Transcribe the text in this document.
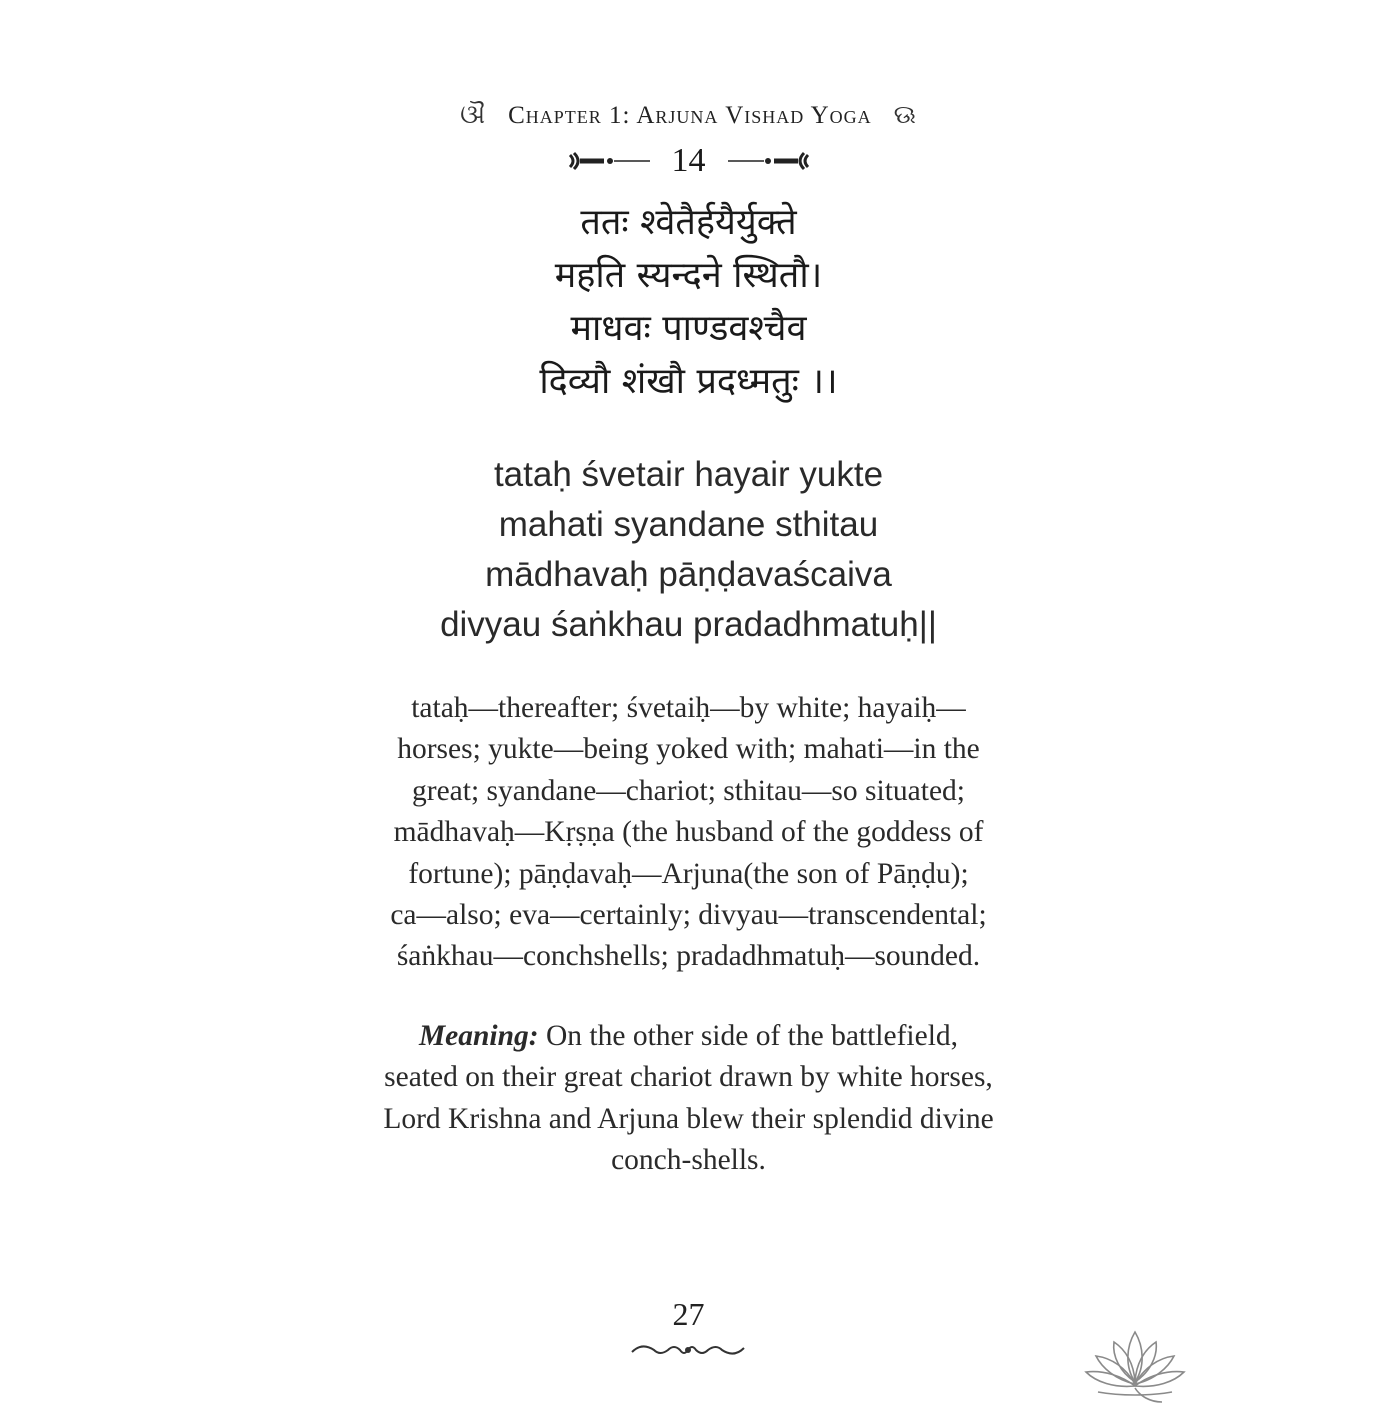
ଔ Chapter 1: Arjuna Vishad Yoga ଊ
14
ततः श्वेतैर्हयैर्युक्ते
महति स्यन्दने स्थितौ।
माधवः पाण्डवश्चैव
दिव्यौ शंखौ प्रदध्मतुः ।।
tataḥ śvetair hayair yukte
mahati syandane sthitau
mādhavaḥ pāṇḍavaścaiva
divyau śaṅkhau pradadhmatuḥ||
tataḥ—thereafter; śvetaiḥ—by white; hayaiḥ—
horses; yukte—being yoked with; mahati—in the
great; syandane—chariot; sthitau—so situated;
mādhavaḥ—Kṛṣṇa (the husband of the goddess of
fortune); pāṇḍavaḥ—Arjuna(the son of Pāṇḍu);
ca—also; eva—certainly; divyau—transcendental;
śaṅkhau—conchshells; pradadhmatuḥ—sounded.
Meaning: On the other side of the battlefield,
seated on their great chariot drawn by white horses,
Lord Krishna and Arjuna blew their splendid divine
conch-shells.
27
